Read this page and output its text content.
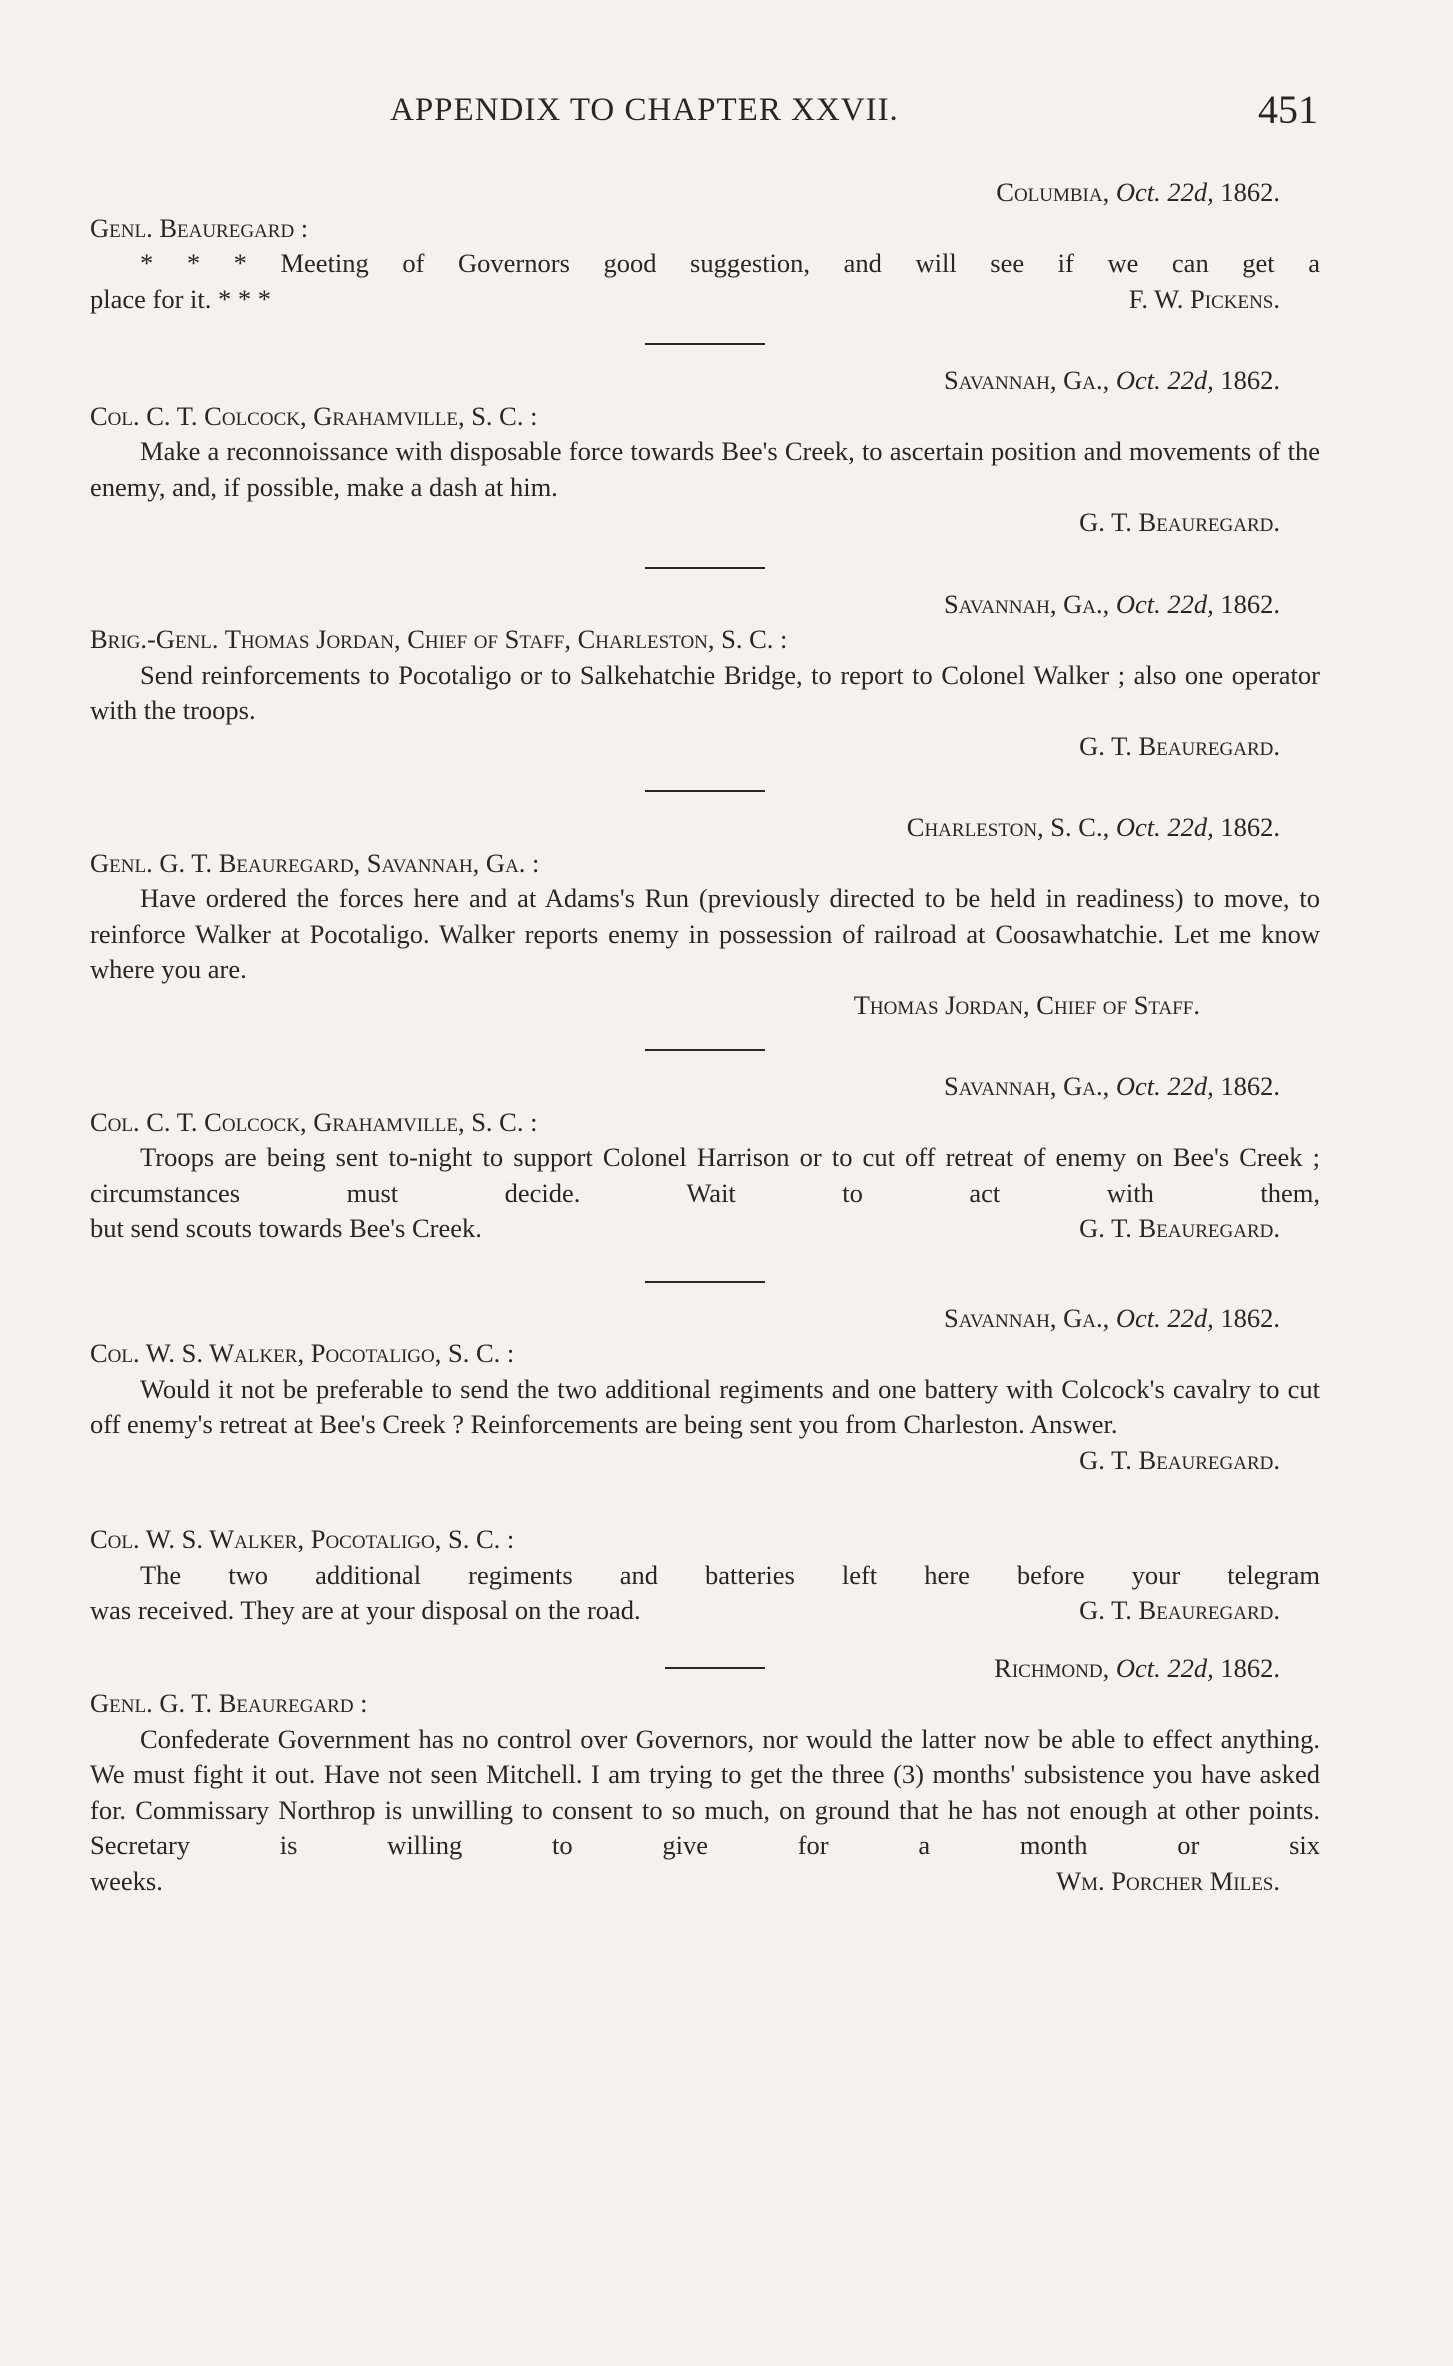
APPENDIX TO CHAPTER XXVII.	451
Columbia, Oct. 22d, 1862.
Genl. Beauregard :
* * * Meeting of Governors good suggestion, and will see if we can get a
place for it. * * *	F. W. Pickens.
Savannah, Ga., Oct. 22d, 1862.
Col. C. T. Colcock, Grahamville, S. C. :
Make a reconnoissance with disposable force towards Bee's Creek, to ascertain position and movements of the enemy, and, if possible, make a dash at him.
G. T. Beauregard.
Savannah, Ga., Oct. 22d, 1862.
Brig.-Genl. Thomas Jordan, Chief of Staff, Charleston, S. C. :
Send reinforcements to Pocotaligo or to Salkehatchie Bridge, to report to Colonel Walker ; also one operator with the troops.
G. T. Beauregard.
Charleston, S. C., Oct. 22d, 1862.
Genl. G. T. Beauregard, Savannah, Ga. :
Have ordered the forces here and at Adams's Run (previously directed to be held in readiness) to move, to reinforce Walker at Pocotaligo. Walker reports enemy in possession of railroad at Coosawhatchie. Let me know where you are.
Thomas Jordan, Chief of Staff.
Savannah, Ga., Oct. 22d, 1862.
Col. C. T. Colcock, Grahamville, S. C. :
Troops are being sent to-night to support Colonel Harrison or to cut off retreat of enemy on Bee's Creek ; circumstances must decide. Wait to act with them,
but send scouts towards Bee's Creek.	G. T. Beauregard.
Savannah, Ga., Oct. 22d, 1862.
Col. W. S. Walker, Pocotaligo, S. C. :
Would it not be preferable to send the two additional regiments and one battery with Colcock's cavalry to cut off enemy's retreat at Bee's Creek ? Reinforcements are being sent you from Charleston. Answer.
G. T. Beauregard.
Col. W. S. Walker, Pocotaligo, S. C. :
The two additional regiments and batteries left here before your telegram
was received. They are at your disposal on the road.	G. T. Beauregard.
Richmond, Oct. 22d, 1862.
Genl. G. T. Beauregard :
Confederate Government has no control over Governors, nor would the latter now be able to effect anything. We must fight it out. Have not seen Mitchell. I am trying to get the three (3) months' subsistence you have asked for. Commissary Northrop is unwilling to consent to so much, on ground that he has not enough at other points. Secretary is willing to give for a month or six
weeks.	Wm. Porcher Miles.
